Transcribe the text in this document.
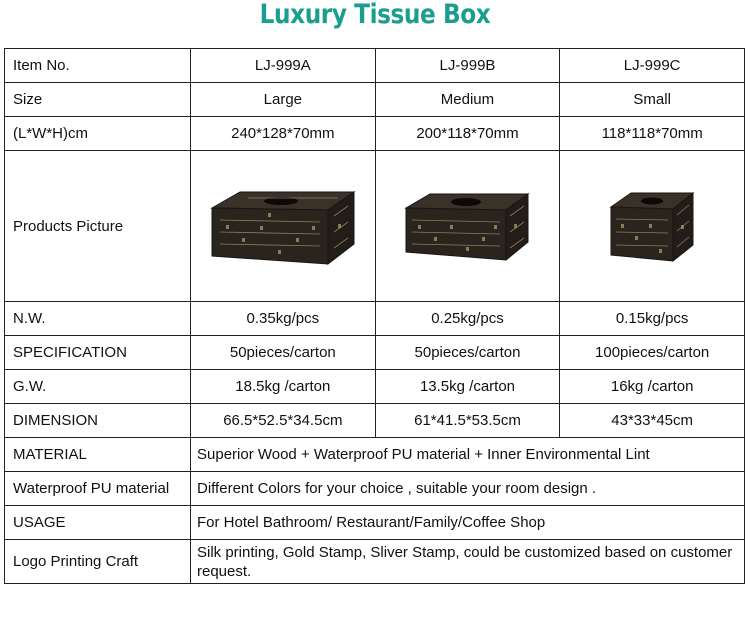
Luxury Tissue Box
Item No.	LJ-999A	LJ-999B	LJ-999C
Size	Large	Medium	Small
(L*W*H)cm	240*128*70mm	200*118*70mm	118*118*70mm
Products Picture	

N.W.	0.35kg/pcs	0.25kg/pcs	0.15kg/pcs
SPECIFICATION	50pieces/carton	50pieces/carton	100pieces/carton
G.W.	18.5kg /carton	13.5kg /carton	16kg /carton
DIMENSION	66.5*52.5*34.5cm	61*41.5*53.5cm	43*33*45cm
MATERIAL	Superior Wood + Waterproof PU material + Inner Environmental Lint		
Waterproof PU material	Different Colors for your choice , suitable your room design .		
USAGE	For Hotel Bathroom/ Restaurant/Family/Coffee Shop		
Logo Printing Craft	Silk printing, Gold Stamp, Sliver Stamp, could be customized based on customer request.		
